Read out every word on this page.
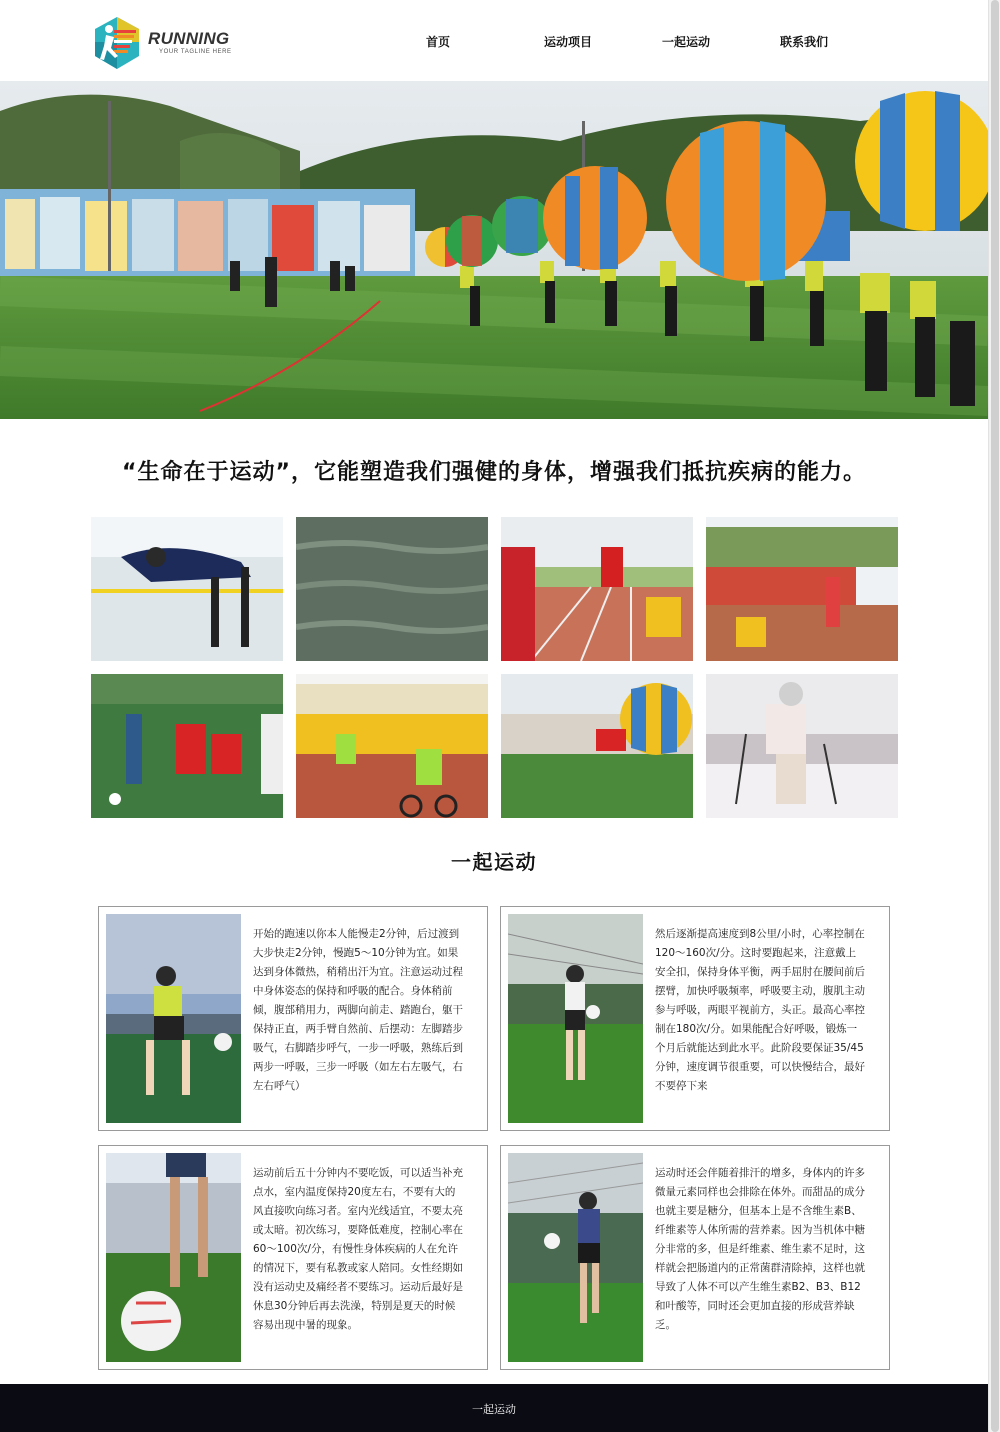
RUNNING
YOUR TAGLINE HERE
首页	运动项目	一起运动	联系我们
“生命在于运动”，它能塑造我们强健的身体，增强我们抵抗疾病的能力。
一起运动
开始的跑速以你本人能慢走2分钟，后过渡到大步快走2分钟，慢跑5～10分钟为宜。如果达到身体微热，稍稍出汗为宜。注意运动过程中身体姿态的保持和呼吸的配合。身体稍前倾，腹部稍用力，两脚向前走、踏跑台，躯干保持正直，两手臂自然前、后摆动：左脚踏步吸气，右脚踏步呼气，一步一呼吸，熟练后到两步一呼吸，三步一呼吸（如左右左吸气，右左右呼气）
然后逐渐提高速度到8公里/小时，心率控制在120～160次/分。这时要跑起来，注意戴上安全扣，保持身体平衡，两手屈肘在腰间前后摆臂，加快呼吸频率，呼吸要主动，腹肌主动参与呼吸，两眼平视前方，头正。最高心率控制在180次/分。如果能配合好呼吸，锻炼一个月后就能达到此水平。此阶段要保证35/45分钟，速度调节很重要，可以快慢结合，最好不要停下来
运动前后五十分钟内不要吃饭，可以适当补充点水，室内温度保持20度左右，不要有大的风直接吹向练习者。室内光线适宜，不要太亮或太暗。初次练习，要降低难度，控制心率在60～100次/分，有慢性身体疾病的人在允许的情况下，要有私教或家人陪同。女性经期如没有运动史及痛经者不要练习。运动后最好是休息30分钟后再去洗澡，特别是夏天的时候容易出现中暑的现象。
运动时还会伴随着排汗的增多，身体内的许多微量元素同样也会排除在体外。而甜品的成分也就主要是糖分，但基本上是不含维生素B、纤维素等人体所需的营养素。因为当机体中糖分非常的多，但是纤维素、维生素不足时，这样就会把肠道内的正常菌群清除掉，这样也就导致了人体不可以产生维生素B2、B3、B12和叶酸等，同时还会更加直接的形成营养缺乏。
一起运动
